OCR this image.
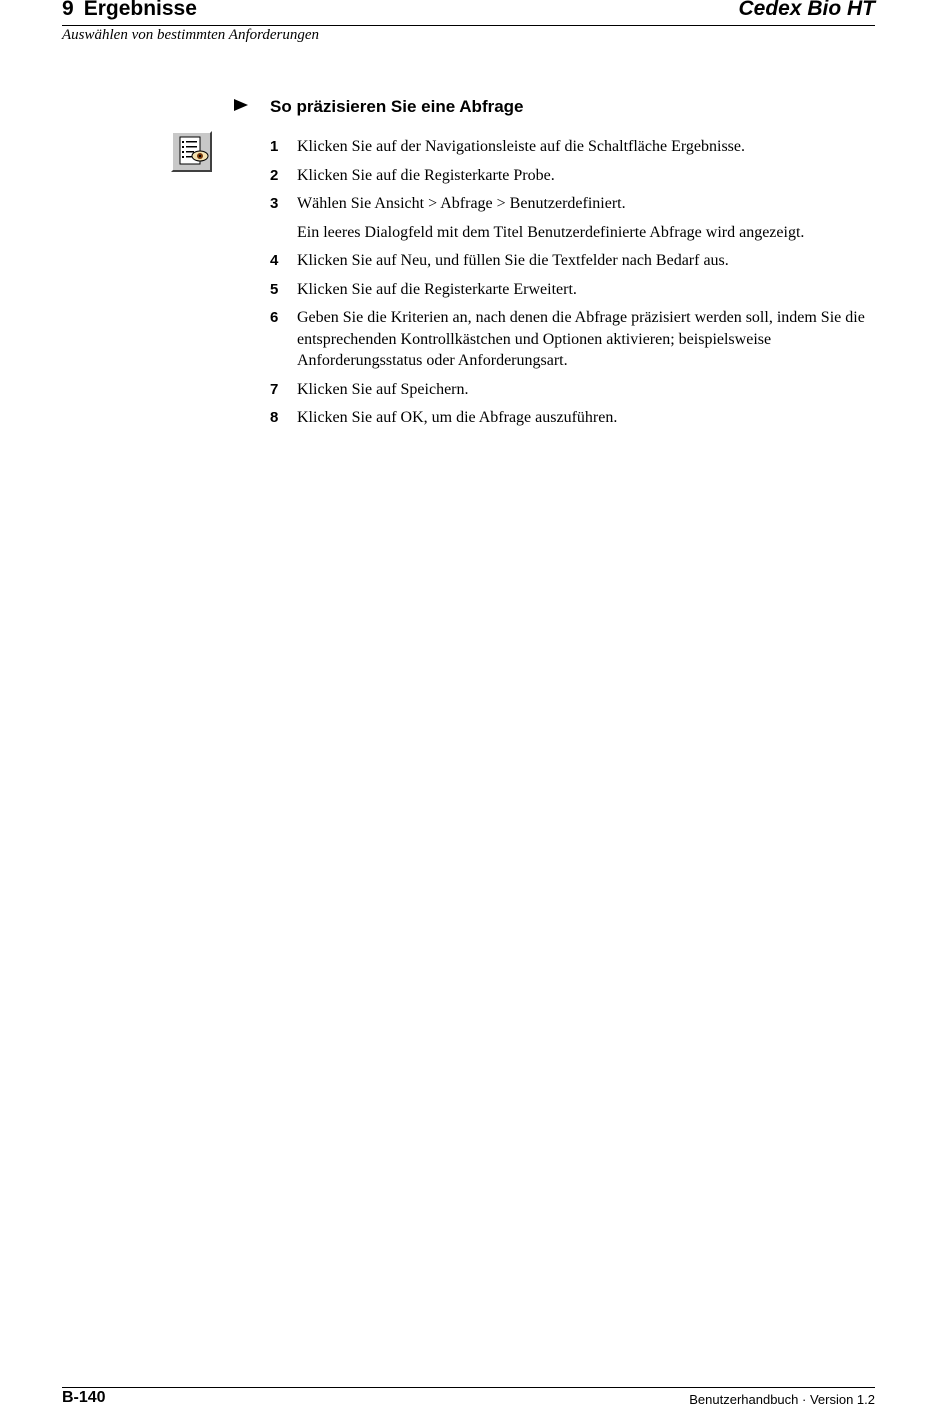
9 Ergebnisse	Cedex Bio HT
Auswählen von bestimmten Anforderungen
So präzisieren Sie eine Abfrage
1 Klicken Sie auf der Navigationsleiste auf die Schaltfläche Ergebnisse.
2 Klicken Sie auf die Registerkarte Probe.
3 Wählen Sie Ansicht > Abfrage > Benutzerdefiniert.
Ein leeres Dialogfeld mit dem Titel Benutzerdefinierte Abfrage wird angezeigt.
4 Klicken Sie auf Neu, und füllen Sie die Textfelder nach Bedarf aus.
5 Klicken Sie auf die Registerkarte Erweitert.
6 Geben Sie die Kriterien an, nach denen die Abfrage präzisiert werden soll, indem Sie die entsprechenden Kontrollkästchen und Optionen aktivieren; beispielsweise Anforderungsstatus oder Anforderungsart.
7 Klicken Sie auf Speichern.
8 Klicken Sie auf OK, um die Abfrage auszuführen.
B-140	Benutzerhandbuch · Version 1.2
